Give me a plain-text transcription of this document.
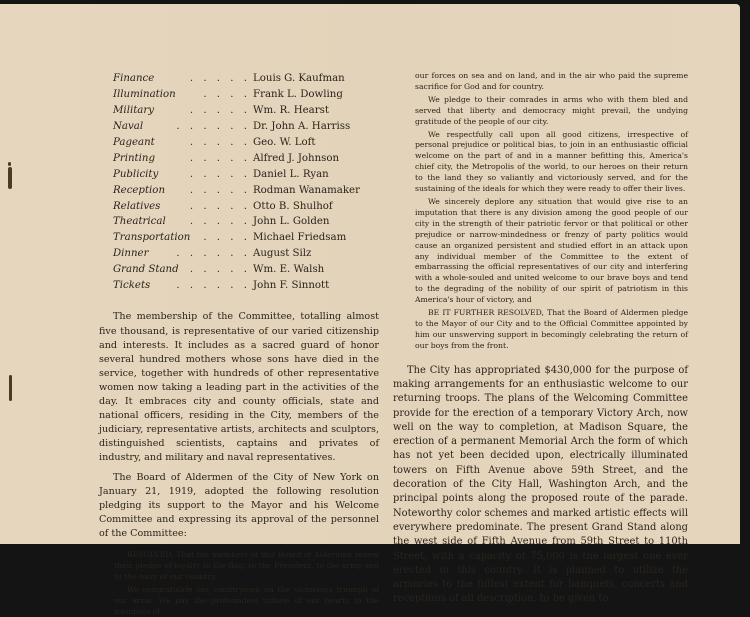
Finance	. . . . . Louis G. Kaufman
Illumination	. . . . Frank L. Dowling
Military	. . . . . Wm. R. Hearst
Naval	. . . . . . Dr. John A. Harriss
Pageant	. . . . . Geo. W. Loft
Printing	. . . . . Alfred J. Johnson
Publicity	. . . . . Daniel L. Ryan
Reception . . . . . Rodman Wanamaker
Relatives	. . . . . Otto B. Shulhof
Theatrical . . . . . John L. Golden
Transportation . . . . Michael Friedsam
Dinner	. . . . . . August Silz
Grand Stand . . . . . Wm. E. Walsh
Tickets	. . . . . . John F. Sinnott

The membership of the Committee, totalling almost five thousand, is representative of our varied citizenship and interests. It includes as a sacred guard of honor several hundred mothers whose sons have died in the service, together with hundreds of other representative women now taking a leading part in the activities of the day. It embraces city and county officials, state and national officers, residing in the City, members of the judiciary, representative artists, architects and sculptors, distinguished scientists, captains and privates of industry, and military and naval representatives.

The Board of Aldermen of the City of New York on January 21, 1919, adopted the following resolution pledging its support to the Mayor and his Welcome Committee and expressing its approval of the personnel of the Committee:

RESOLVED, That the members of this Board of Aldermen renew their pledge of loyalty to the flag, to the President, to the army and to the navy of our country.

We congratulate our countrymen on the victorious triumph of our arms. We pay the profoundest tribute of our hearts to the members of

our forces on sea and on land, and in the air who paid the supreme sacrifice for God and for country.

We pledge to their comrades in arms who with them bled and served that liberty and democracy might prevail, the undying gratitude of the people of our city.

We respectfully call upon all good citizens, irrespective of personal prejudice or political bias, to join in an enthusiastic official welcome on the part of and in a manner befitting this, America's chief city, the Metropolis of the world, to our heroes on their return to the land they so valiantly and victoriously served, and for the sustaining of the ideals for which they were ready to offer their lives.

We sincerely deplore any situation that would give rise to an imputation that there is any division among the good people of our city in the strength of their patriotic fervor or that political or other prejudice or narrow-mindedness or frenzy of party politics would cause an organized persistent and studied effort in an attack upon any individual member of the Committee to the extent of embarrassing the official representatives of our city and interfering with a whole-souled and united welcome to our brave boys and tend to the degrading of the nobility of our spirit of patriotism in this America's hour of victory, and

BE IT FURTHER RESOLVED, That the Board of Aldermen pledge to the Mayor of our City and to the Official Committee appointed by him our unswerving support in becomingly celebrating the return of our boys from the front.

The City has appropriated $430,000 for the purpose of making arrangements for an enthusiastic welcome to our returning troops. The plans of the Welcoming Committee provide for the erection of a temporary Victory Arch, now well on the way to completion, at Madison Square, the erection of a permanent Memorial Arch the form of which has not yet been decided upon, electrically illuminated towers on Fifth Avenue above 59th Street, and the decoration of the City Hall, Washington Arch, and the principal points along the proposed route of the parade. Noteworthy color schemes and marked artistic effects will everywhere predominate. The present Grand Stand along the west side of Fifth Avenue from 59th Street to 110th Street, with a capacity of 75,000 is the largest one ever erected in this country. It is planned to utilize the armories to the fullest extent for banquets, concerts and receptions of all description, to be given to
